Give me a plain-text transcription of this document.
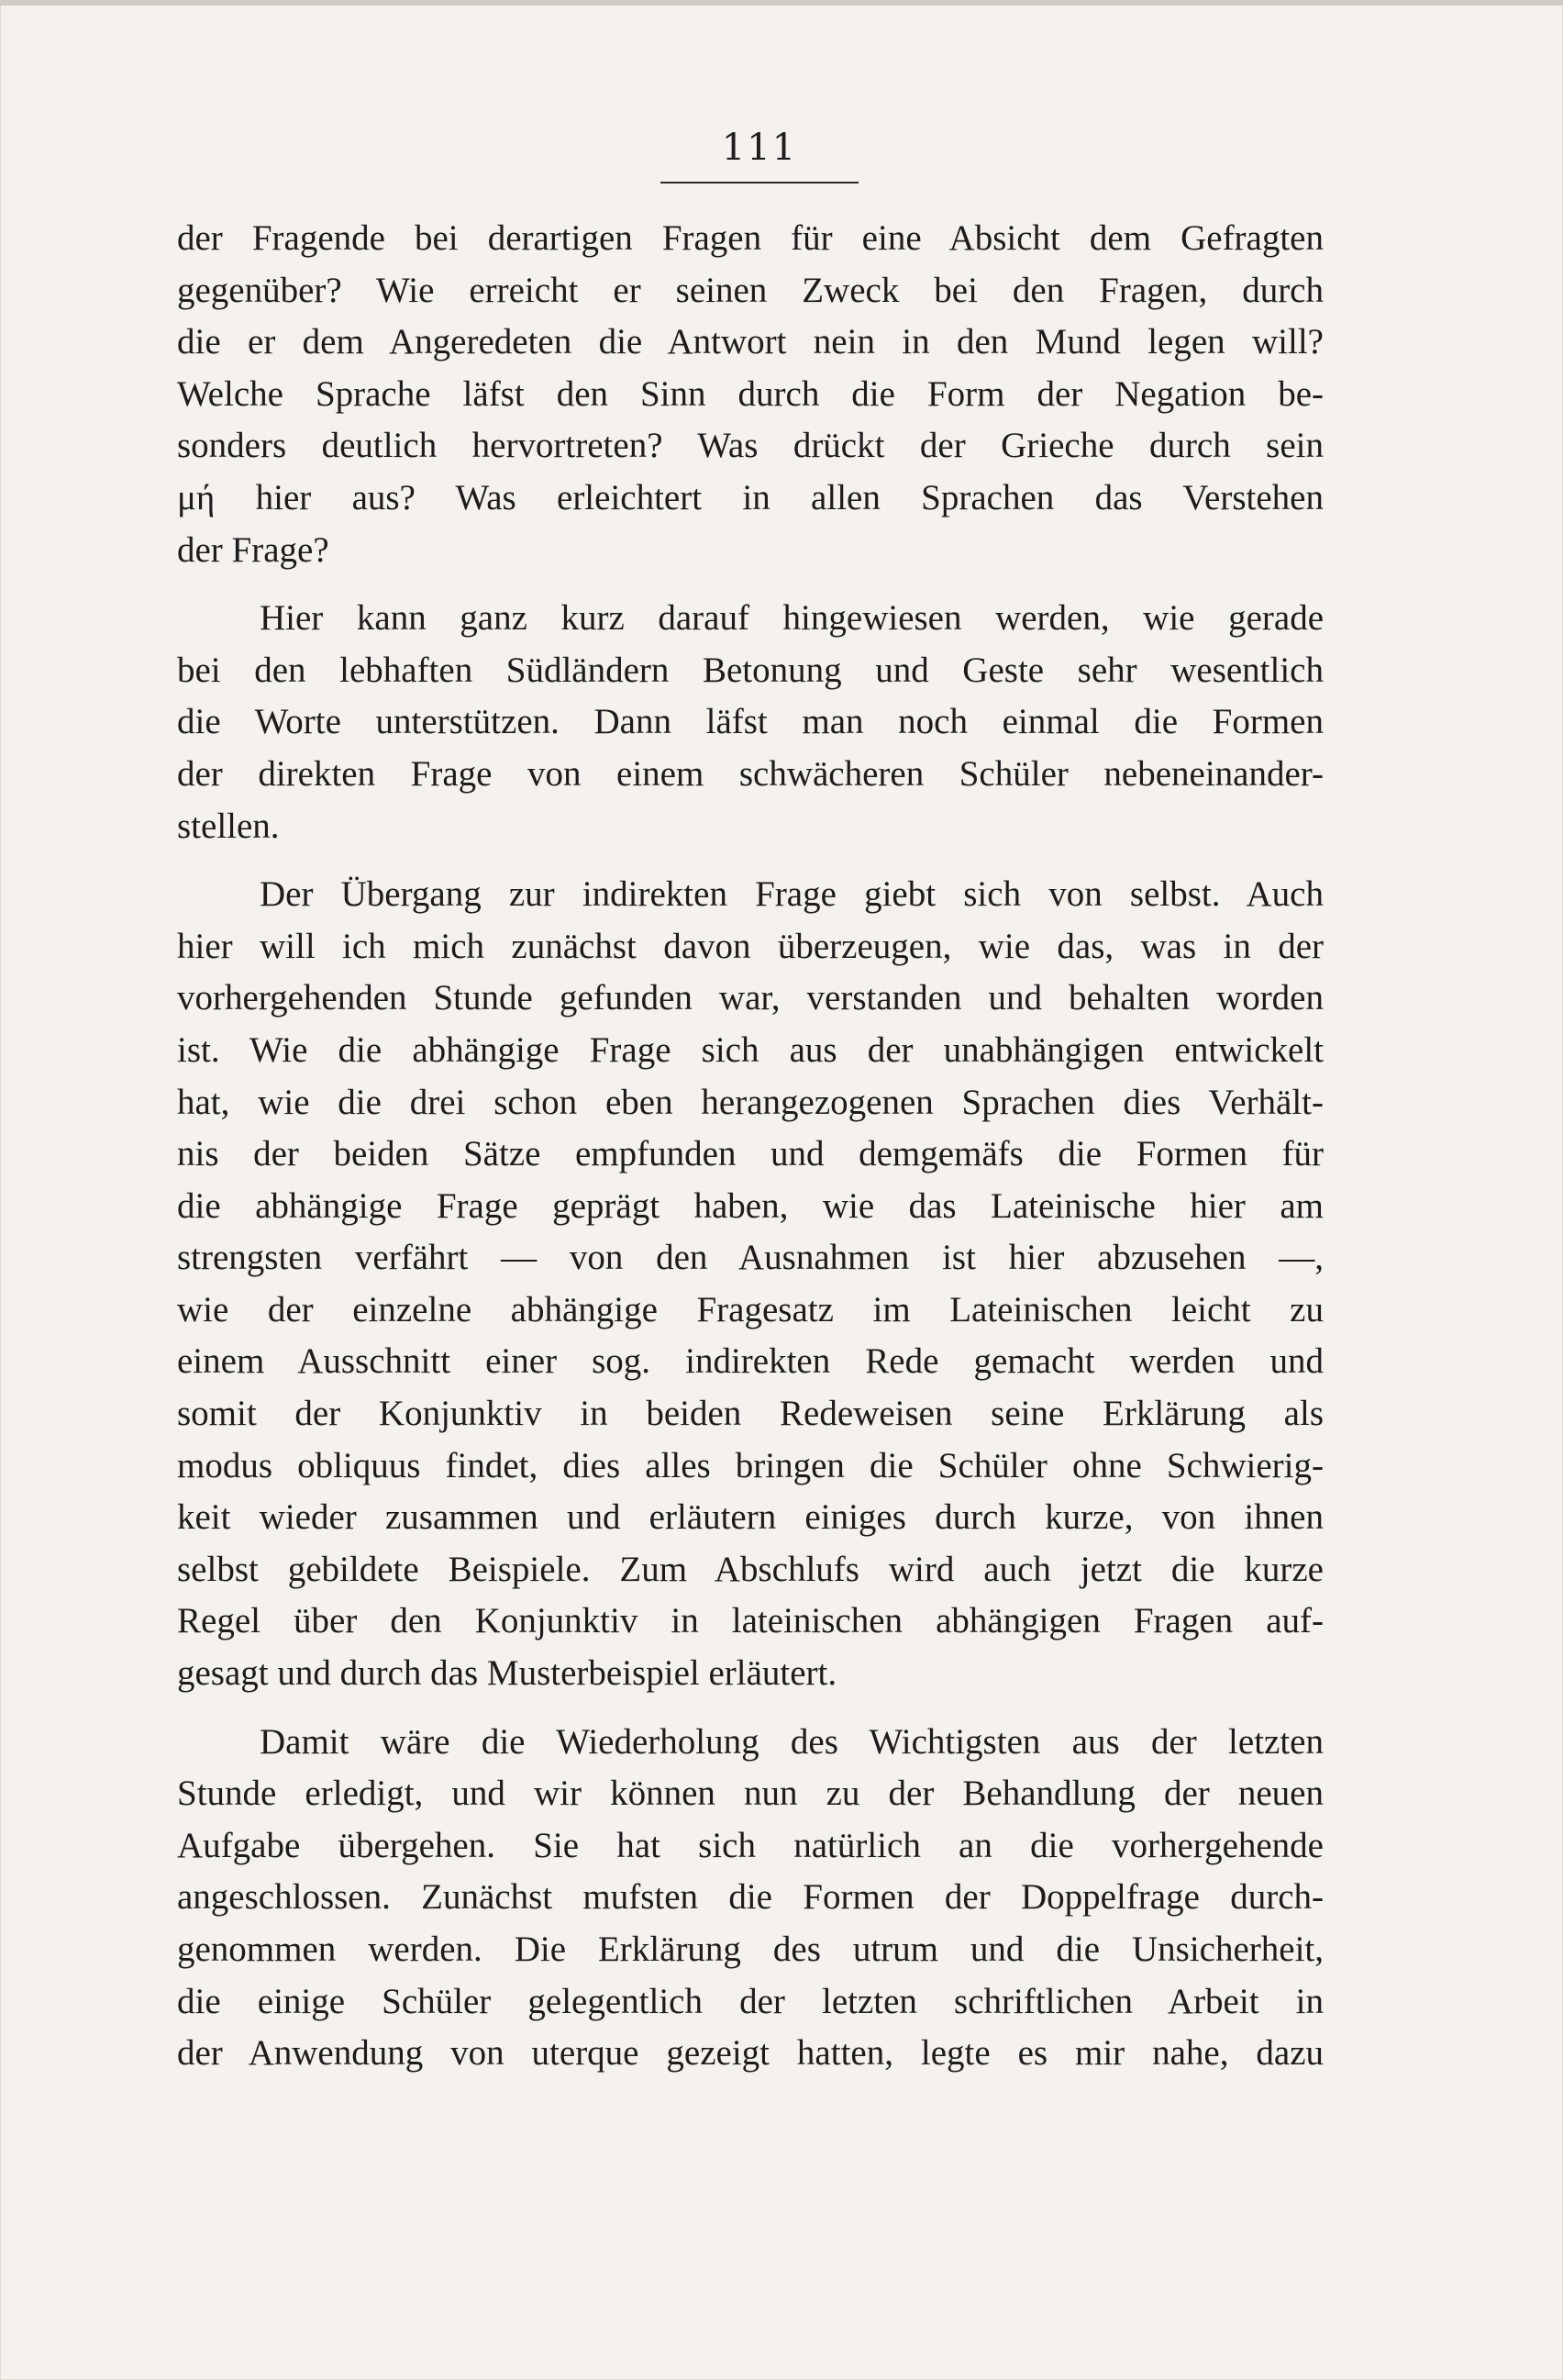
111

der Fragende bei derartigen Fragen für eine Absicht dem Gefragten
gegenüber? Wie erreicht er seinen Zweck bei den Fragen, durch
die er dem Angeredeten die Antwort nein in den Mund legen will?
Welche Sprache läfst den Sinn durch die Form der Negation be-
sonders deutlich hervortreten? Was drückt der Grieche durch sein
μή hier aus? Was erleichtert in allen Sprachen das Verstehen
der Frage?

Hier kann ganz kurz darauf hingewiesen werden, wie gerade
bei den lebhaften Südländern Betonung und Geste sehr wesentlich
die Worte unterstützen. Dann läfst man noch einmal die Formen
der direkten Frage von einem schwächeren Schüler nebeneinander-
stellen.

Der Übergang zur indirekten Frage giebt sich von selbst. Auch
hier will ich mich zunächst davon überzeugen, wie das, was in der
vorhergehenden Stunde gefunden war, verstanden und behalten worden
ist. Wie die abhängige Frage sich aus der unabhängigen entwickelt
hat, wie die drei schon eben herangezogenen Sprachen dies Verhält-
nis der beiden Sätze empfunden und demgemäfs die Formen für
die abhängige Frage geprägt haben, wie das Lateinische hier am
strengsten verfährt — von den Ausnahmen ist hier abzusehen —,
wie der einzelne abhängige Fragesatz im Lateinischen leicht zu
einem Ausschnitt einer sog. indirekten Rede gemacht werden und
somit der Konjunktiv in beiden Redeweisen seine Erklärung als
modus obliquus findet, dies alles bringen die Schüler ohne Schwierig-
keit wieder zusammen und erläutern einiges durch kurze, von ihnen
selbst gebildete Beispiele. Zum Abschlufs wird auch jetzt die kurze
Regel über den Konjunktiv in lateinischen abhängigen Fragen auf-
gesagt und durch das Musterbeispiel erläutert.

Damit wäre die Wiederholung des Wichtigsten aus der letzten
Stunde erledigt, und wir können nun zu der Behandlung der neuen
Aufgabe übergehen. Sie hat sich natürlich an die vorhergehende
angeschlossen. Zunächst mufsten die Formen der Doppelfrage durch-
genommen werden. Die Erklärung des utrum und die Unsicherheit,
die einige Schüler gelegentlich der letzten schriftlichen Arbeit in
der Anwendung von uterque gezeigt hatten, legte es mir nahe, dazu
